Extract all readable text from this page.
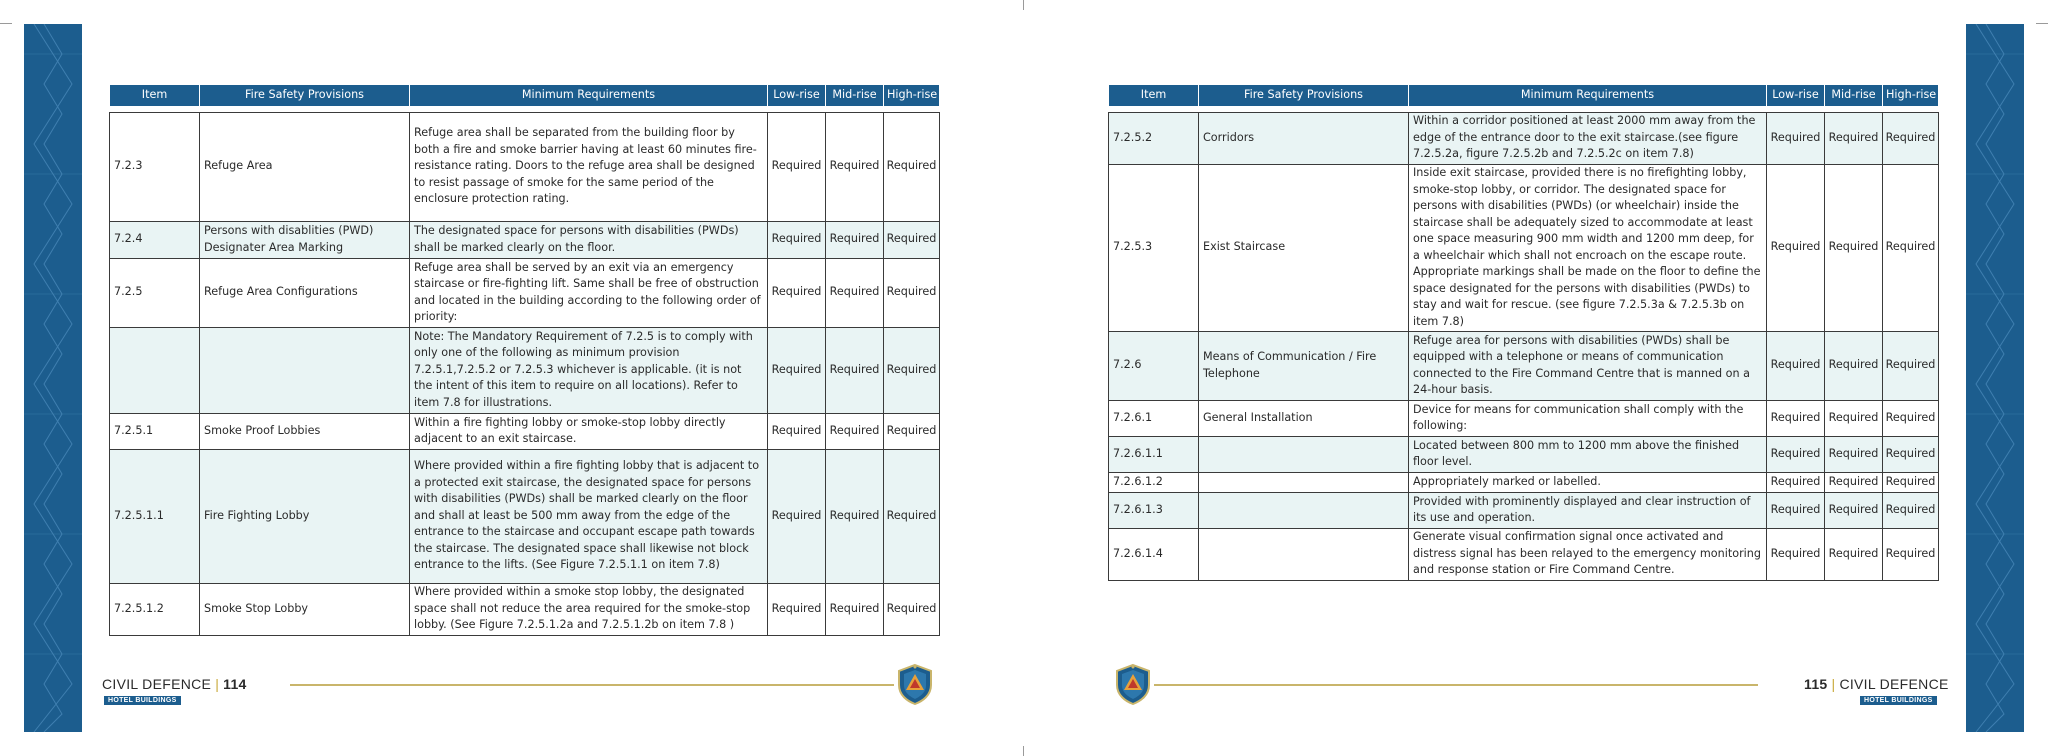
Item	Fire Safety Provisions	Minimum Requirements	Low-rise	Mid-rise	High-rise

7.2.3	Refuge Area	Refuge area shall be separated from the building floor by both a fire and smoke barrier having at least 60 minutes fire-resistance rating. Doors to the refuge area shall be designed to resist passage of smoke for the same period of the enclosure protection rating.	Required	Required	Required
7.2.4	Persons with disablities (PWD) Designater Area Marking	The designated space for persons with disabilities (PWDs) shall be marked clearly on the floor.	Required	Required	Required
7.2.5	Refuge Area Configurations	Refuge area shall be served by an exit via an emergency staircase or fire-fighting lift. Same shall be free of obstruction and located in the building according to the following order of priority:	Required	Required	Required
		Note: The Mandatory Requirement of 7.2.5 is to comply with only one of the following as minimum provision 7.2.5.1,7.2.5.2 or 7.2.5.3 whichever is applicable. (it is not the intent of this item to require on all locations). Refer to item 7.8 for illustrations.	Required	Required	Required
7.2.5.1	Smoke Proof Lobbies	Within a fire fighting lobby or smoke-stop lobby directly adjacent to an exit staircase.	Required	Required	Required
7.2.5.1.1	Fire Fighting Lobby	Where provided within a fire fighting lobby that is adjacent to a protected exit staircase, the designated space for persons with disabilities (PWDs) shall be marked clearly on the floor and shall at least be 500 mm away from the edge of the entrance to the staircase and occupant escape path towards the staircase. The designated space shall likewise not block entrance to the lifts. (See Figure 7.2.5.1.1 on item 7.8)	Required	Required	Required
7.2.5.1.2	Smoke Stop Lobby	Where provided within a smoke stop lobby, the designated space shall not reduce the area required for the smoke-stop lobby. (See Figure 7.2.5.1.2a and 7.2.5.1.2b on item 7.8 )	Required	Required	Required
Item	Fire Safety Provisions	Minimum Requirements	Low-rise	Mid-rise	High-rise

7.2.5.2	Corridors	Within a corridor positioned at least 2000 mm away from the edge of the entrance door to the exit staircase.(see figure 7.2.5.2a, figure 7.2.5.2b and 7.2.5.2c on item 7.8)	Required	Required	Required
7.2.5.3	Exist Staircase	Inside exit staircase, provided there is no firefighting lobby, smoke-stop lobby, or corridor. The designated space for persons with disabilities (PWDs) (or wheelchair) inside the staircase shall be adequately sized to accommodate at least one space measuring 900 mm width and 1200 mm deep, for a wheelchair which shall not encroach on the escape route. Appropriate markings shall be made on the floor to define the space designated for the persons with disabilities (PWDs) to stay and wait for rescue. (see figure 7.2.5.3a & 7.2.5.3b on item 7.8)	Required	Required	Required
7.2.6	Means of Communication / Fire Telephone	Refuge area for persons with disabilities (PWDs) shall be equipped with a telephone or means of communication connected to the Fire Command Centre that is manned on a 24-hour basis.	Required	Required	Required
7.2.6.1	General Installation	Device for means for communication shall comply with the following:	Required	Required	Required
7.2.6.1.1		Located between 800 mm to 1200 mm above the finished floor level.	Required	Required	Required
7.2.6.1.2		Appropriately marked or labelled.	Required	Required	Required
7.2.6.1.3		Provided with prominently displayed and clear instruction of its use and operation.	Required	Required	Required
7.2.6.1.4		Generate visual confirmation signal once activated and distress signal has been relayed to the emergency monitoring and response station or Fire Command Centre.	Required	Required	Required
CIVIL DEFENCE | 114
HOTEL BUILDINGS
115 | CIVIL DEFENCE
HOTEL BUILDINGS
